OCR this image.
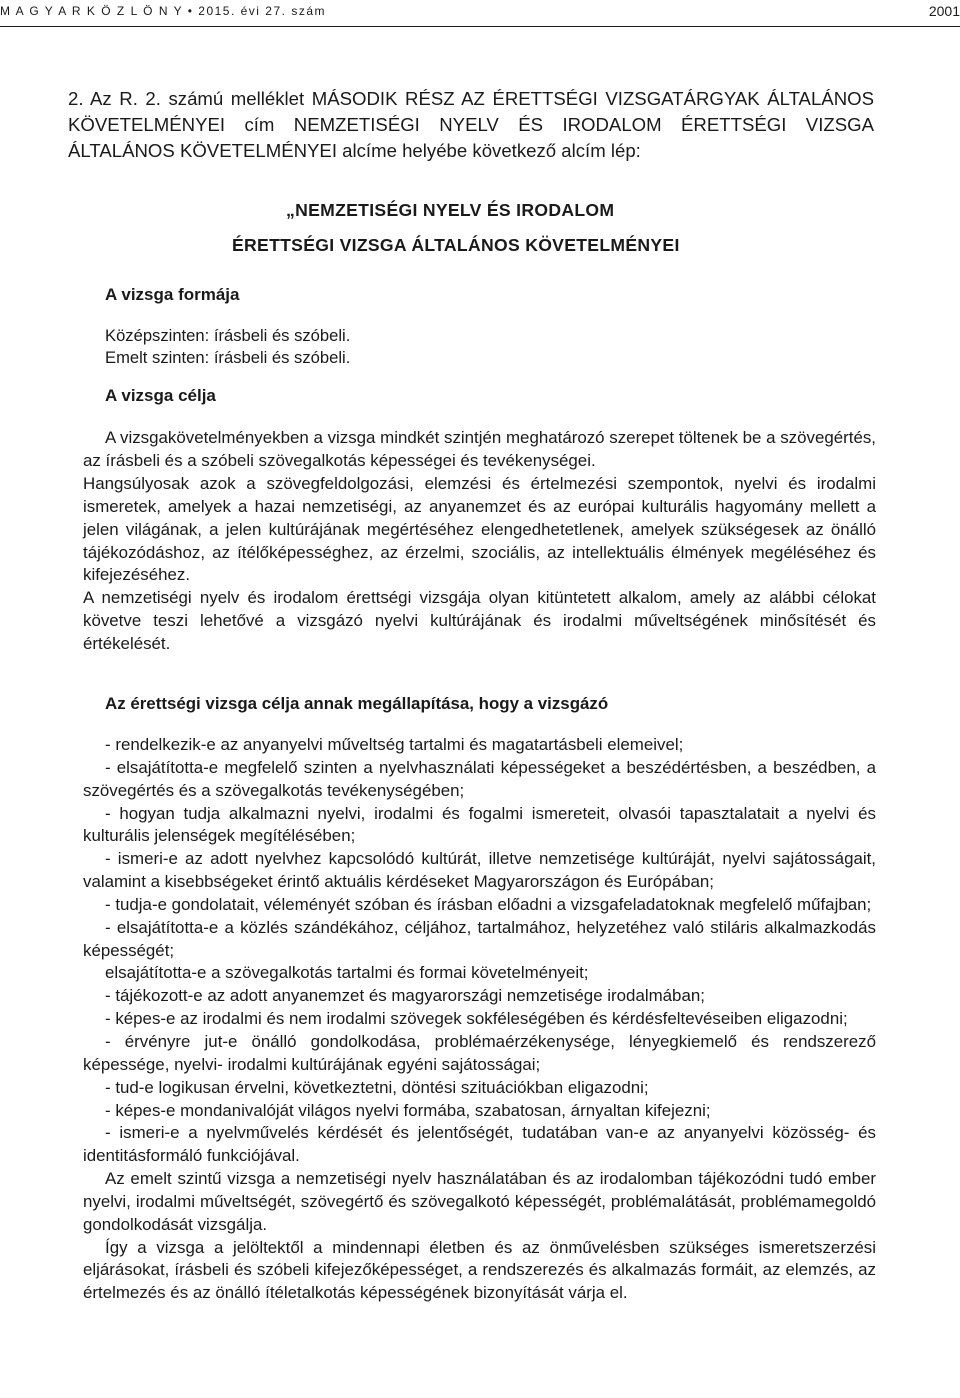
M A G Y A R K Ö Z L Ö N Y • 2015. évi 27. szám	2001
2. Az R. 2. számú melléklet MÁSODIK RÉSZ AZ ÉRETTSÉGI VIZSGATÁRGYAK ÁLTALÁNOS KÖVETELMÉNYEI cím NEMZETISÉGI NYELV ÉS IRODALOM ÉRETTSÉGI VIZSGA ÁLTALÁNOS KÖVETELMÉNYEI alcíme helyébe következő alcím lép:
„NEMZETISÉGI NYELV ÉS IRODALOM
ÉRETTSÉGI VIZSGA ÁLTALÁNOS KÖVETELMÉNYEI
A vizsga formája
Középszinten: írásbeli és szóbeli.
Emelt szinten: írásbeli és szóbeli.
A vizsga célja

A vizsgakövetelményekben a vizsga mindkét szintjén meghatározó szerepet töltenek be a szövegértés, az írásbeli és a szóbeli szövegalkotás képességei és tevékenységei.

Hangsúlyosak azok a szövegfeldolgozási, elemzési és értelmezési szempontok, nyelvi és irodalmi ismeretek, amelyek a hazai nemzetiségi, az anyanemzet és az európai kulturális hagyomány mellett a jelen világának, a jelen kultúrájának megértéséhez elengedhetetlenek, amelyek szükségesek az önálló tájékozódáshoz, az ítélőképességhez, az érzelmi, szociális, az intellektuális élmények megéléséhez és kifejezéséhez.

A nemzetiségi nyelv és irodalom érettségi vizsgája olyan kitüntetett alkalom, amely az alábbi célokat követve teszi lehetővé a vizsgázó nyelvi kultúrájának és irodalmi műveltségének minősítését és értékelését.

Az érettségi vizsga célja annak megállapítása, hogy a vizsgázó

- rendelkezik-e az anyanyelvi műveltség tartalmi és magatartásbeli elemeivel;

- elsajátította-e megfelelő szinten a nyelvhasználati képességeket a beszédértésben, a beszédben, a szövegértés és a szövegalkotás tevékenységében;

- hogyan tudja alkalmazni nyelvi, irodalmi és fogalmi ismereteit, olvasói tapasztalatait a nyelvi és kulturális jelenségek megítélésében;

- ismeri-e az adott nyelvhez kapcsolódó kultúrát, illetve nemzetisége kultúráját, nyelvi sajátosságait, valamint a kisebbségeket érintő aktuális kérdéseket Magyarországon és Európában;

- tudja-e gondolatait, véleményét szóban és írásban előadni a vizsgafeladatoknak megfelelő műfajban;

- elsajátította-e a közlés szándékához, céljához, tartalmához, helyzetéhez való stiláris alkalmazkodás képességét;

elsajátította-e a szövegalkotás tartalmi és formai követelményeit;

- tájékozott-e az adott anyanemzet és magyarországi nemzetisége irodalmában;

- képes-e az irodalmi és nem irodalmi szövegek sokféleségében és kérdésfeltevéseiben eligazodni;

- érvényre jut-e önálló gondolkodása, problémaérzékenysége, lényegkiemelő és rendszerező képessége, nyelvi- irodalmi kultúrájának egyéni sajátosságai;

- tud-e logikusan érvelni, következtetni, döntési szituációkban eligazodni;

- képes-e mondanivalóját világos nyelvi formába, szabatosan, árnyaltan kifejezni;

- ismeri-e a nyelvművelés kérdését és jelentőségét, tudatában van-e az anyanyelvi közösség- és identitásformáló funkciójával.

Az emelt szintű vizsga a nemzetiségi nyelv használatában és az irodalomban tájékozódni tudó ember nyelvi, irodalmi műveltségét, szövegértő és szövegalkotó képességét, problémalátását, problémamegoldó gondolkodását vizsgálja.

Így a vizsga a jelöltektől a mindennapi életben és az önművelésben szükséges ismeretszerzési eljárásokat, írásbeli és szóbeli kifejezőképességet, a rendszerezés és alkalmazás formáit, az elemzés, az értelmezés és az önálló ítéletalkotás képességének bizonyítását várja el.
